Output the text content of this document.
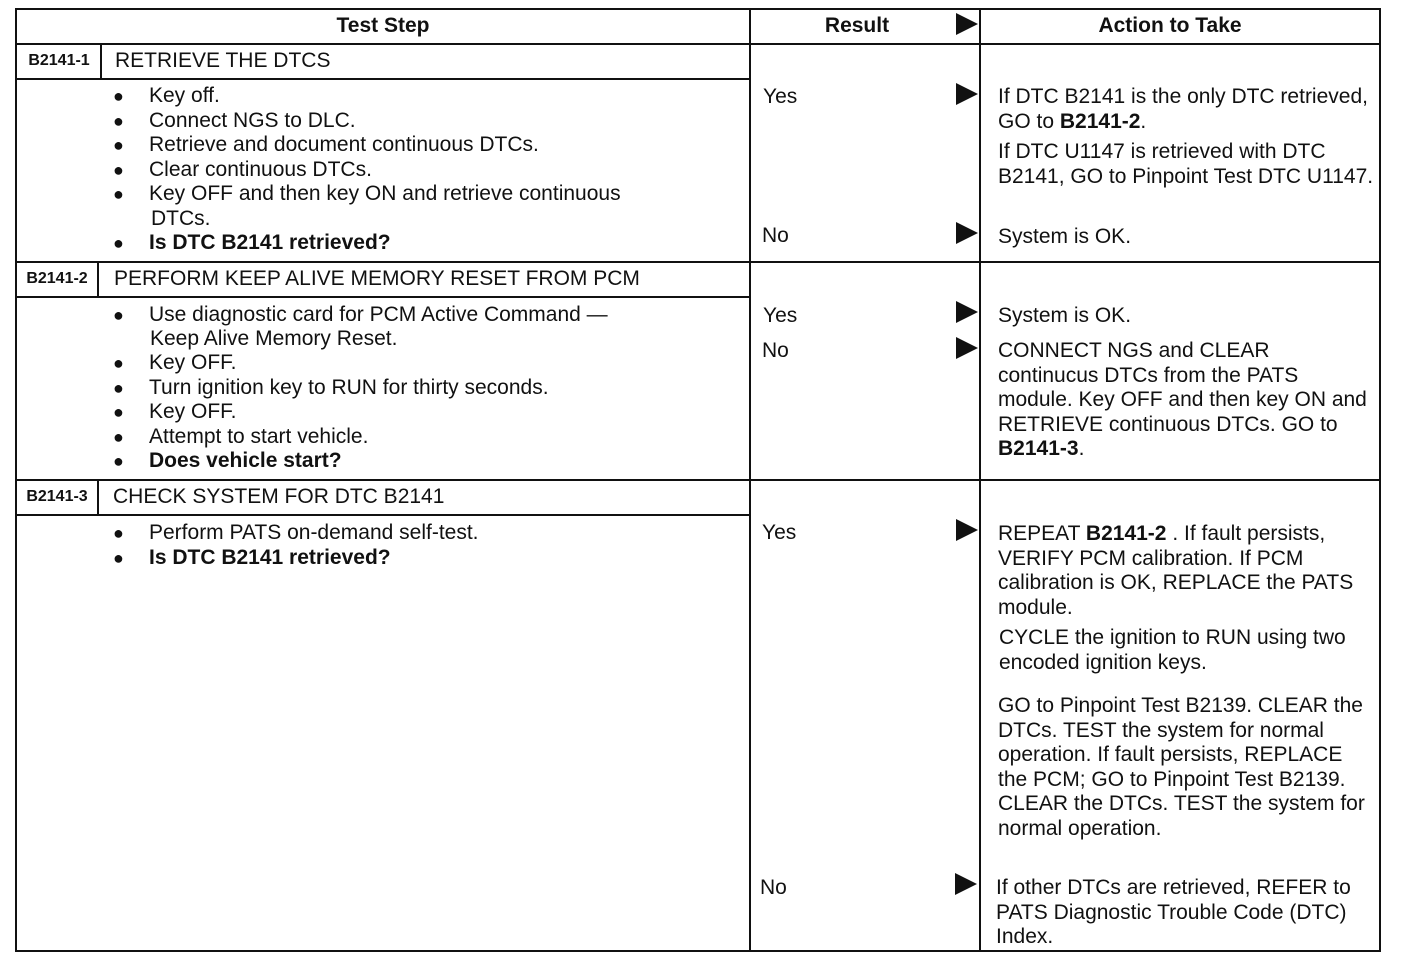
Test Step	Result	Action to Take
B2141-1	RETRIEVE THE DTCS
● Key off.
● Connect NGS to DLC.
● Retrieve and document continuous DTCs.
● Clear continuous DTCs.
● Key OFF and then key ON and retrieve continuous
DTCs.
● Is DTC B2141 retrieved?
Yes	If DTC B2141 is the only DTC retrieved, GO to B2141-2.

If DTC U1147 is retrieved with DTC B2141, GO to Pinpoint Test DTC U1147.

No	System is OK.
B2141-2	PERFORM KEEP ALIVE MEMORY RESET FROM PCM
● Use diagnostic card for PCM Active Command —
Keep Alive Memory Reset.
● Key OFF.
● Turn ignition key to RUN for thirty seconds.
● Key OFF.
● Attempt to start vehicle.
● Does vehicle start?
Yes	System is OK.
No	CONNECT NGS and CLEAR continucus DTCs from the PATS module. Key OFF and then key ON and RETRIEVE continuous DTCs. GO to B2141-3.
B2141-3	CHECK SYSTEM FOR DTC B2141
● Perform PATS on-demand self-test.
● Is DTC B2141 retrieved?
Yes	REPEAT B2141-2 . If fault persists, VERIFY PCM calibration. If PCM calibration is OK, REPLACE the PATS module.
CYCLE the ignition to RUN using two encoded ignition keys.
GO to Pinpoint Test B2139. CLEAR the DTCs. TEST the system for normal operation. If fault persists, REPLACE the PCM; GO to Pinpoint Test B2139. CLEAR the DTCs. TEST the system for normal operation.
No	If other DTCs are retrieved, REFER to PATS Diagnostic Trouble Code (DTC) Index.
